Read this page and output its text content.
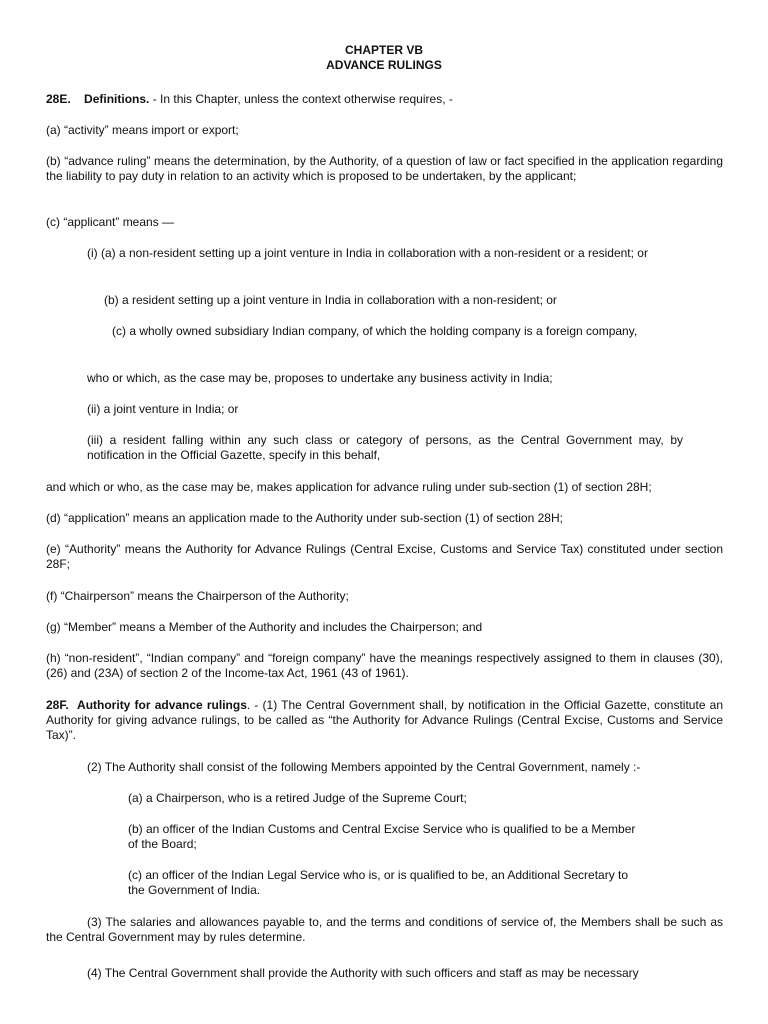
CHAPTER VB

ADVANCE RULINGS

28E. Definitions. - In this Chapter, unless the context otherwise requires, -

(a) “activity” means import or export;

(b) “advance ruling” means the determination, by the Authority, of a question of law or fact specified in the application regarding the liability to pay duty in relation to an activity which is proposed to be undertaken, by the applicant;

(c) “applicant” means —

(i) (a) a non-resident setting up a joint venture in India in collaboration with a non-resident or a resident; or

(b) a resident setting up a joint venture in India in collaboration with a non-resident; or

(c) a wholly owned subsidiary Indian company, of which the holding company is a foreign company,

who or which, as the case may be, proposes to undertake any business activity in India;

(ii) a joint venture in India; or

(iii) a resident falling within any such class or category of persons, as the Central Government may, by notification in the Official Gazette, specify in this behalf,

and which or who, as the case may be, makes application for advance ruling under sub-section (1) of section 28H;

(d) “application” means an application made to the Authority under sub-section (1) of section 28H;

(e) “Authority” means the Authority for Advance Rulings (Central Excise, Customs and Service Tax) constituted under section 28F;

(f) “Chairperson” means the Chairperson of the Authority;

(g) “Member” means a Member of the Authority and includes the Chairperson; and

(h) “non-resident”, “Indian company” and “foreign company” have the meanings respectively assigned to them in clauses (30), (26) and (23A) of section 2 of the Income-tax Act, 1961 (43 of 1961).

28F. Authority for advance rulings. - (1) The Central Government shall, by notification in the Official Gazette, constitute an Authority for giving advance rulings, to be called as “the Authority for Advance Rulings (Central Excise, Customs and Service Tax)”.

(2) The Authority shall consist of the following Members appointed by the Central Government, namely :-

(a) a Chairperson, who is a retired Judge of the Supreme Court;

(b) an officer of the Indian Customs and Central Excise Service who is qualified to be a Member of the Board;

(c) an officer of the Indian Legal Service who is, or is qualified to be, an Additional Secretary to the Government of India.

(3) The salaries and allowances payable to, and the terms and conditions of service of, the Members shall be such as the Central Government may by rules determine.

(4) The Central Government shall provide the Authority with such officers and staff as may be necessary
